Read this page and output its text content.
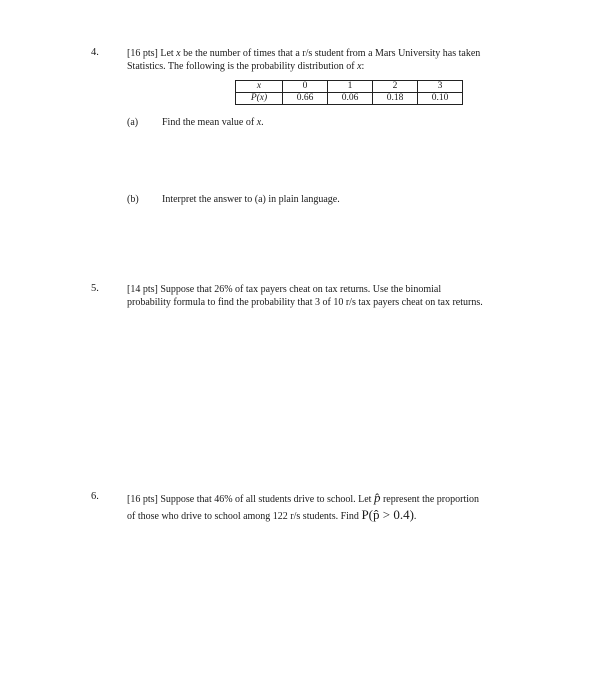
4.	[16 pts] Let x be the number of times that a r/s student from a Mars University has taken
Statistics. The following is the probability distribution of x:
x	0	1	2	3
P(x)	0.66	0.06	0.18	0.10
(a) Find the mean value of x.
(b) Interpret the answer to (a) in plain language.
5.	[14 pts] Suppose that 26% of tax payers cheat on tax returns. Use the binomial
probability formula to find the probability that 3 of 10 r/s tax payers cheat on tax returns.
6.	[16 pts] Suppose that 46% of all students drive to school. Let p̂ represent the proportion
of those who drive to school among 122 r/s students. Find P(p̂ > 0.4).
